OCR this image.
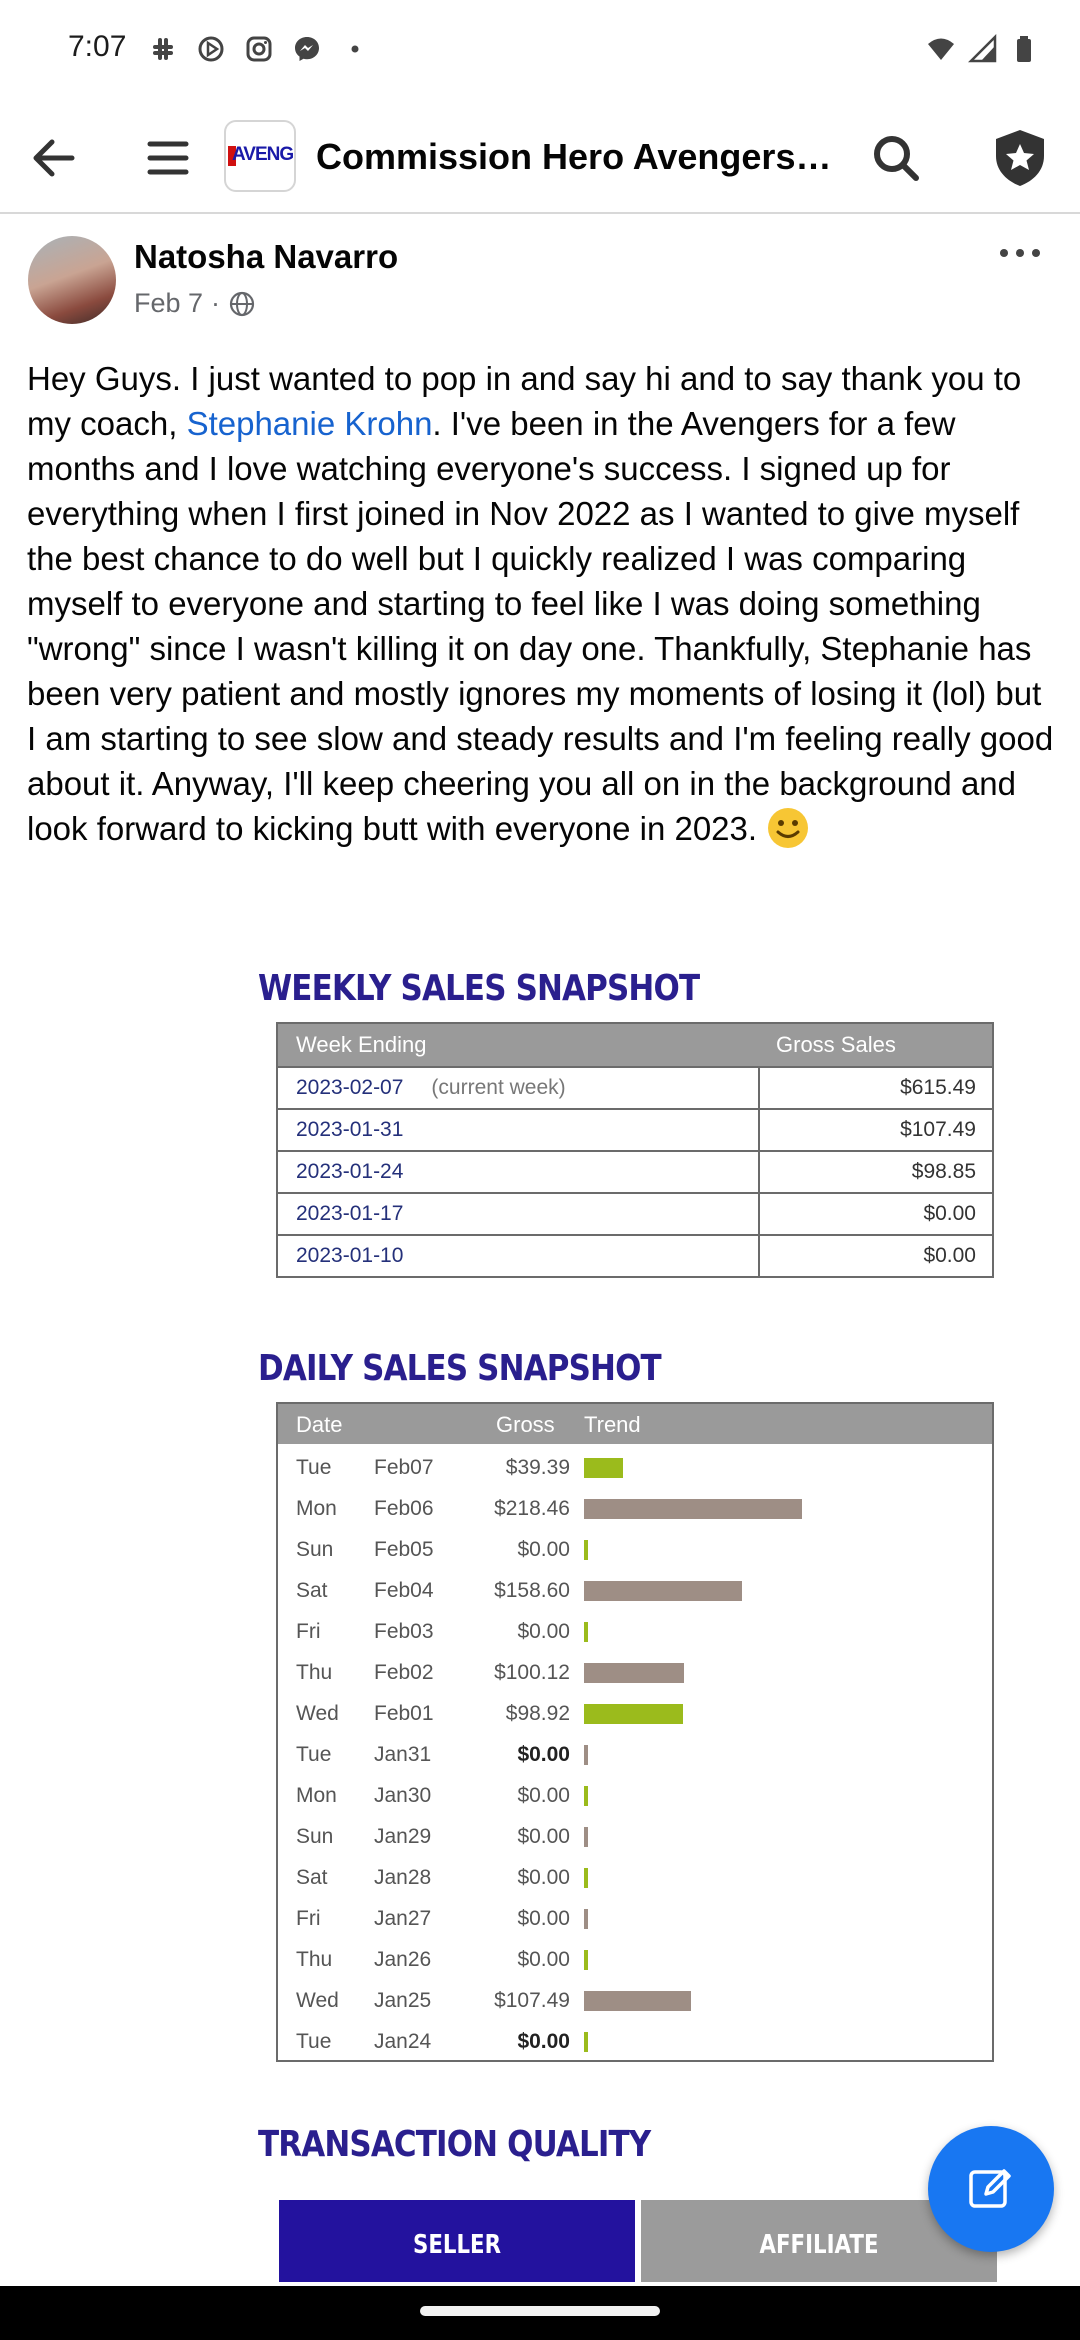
7:07
AVENG Commission Hero Avengers…
Natosha Navarro
Feb 7 ·
Hey Guys. I just wanted to pop in and say hi and to say thank you to my coach, Stephanie Krohn. I've been in the Avengers for a few months and I love watching everyone's success. I signed up for everything when I first joined in Nov 2022 as I wanted to give myself the best chance to do well but I quickly realized I was comparing myself to everyone and starting to feel like I was doing something "wrong" since I wasn't killing it on day one. Thankfully, Stephanie has been very patient and mostly ignores my moments of losing it (lol) but I am starting to see slow and steady results and I'm feeling really good about it. Anyway, I'll keep cheering you all on in the background and look forward to kicking butt with everyone in 2023.
WEEKLY SALES SNAPSHOT
Week Ending	Gross Sales
2023-02-07 (current week)	$615.49
2023-01-31	$107.49
2023-01-24	$98.85
2023-01-17	$0.00
2023-01-10	$0.00
DAILY SALES SNAPSHOT
Date	Gross Trend
Tue Feb07	$39.39
Mon Feb06	$218.46
Sun Feb05	$0.00
Sat Feb04	$158.60
Fri	Feb03	$0.00
Thu Feb02	$100.12
Wed Feb01	$98.92
Tue Jan31	$0.00
Mon Jan30	$0.00
Sun Jan29	$0.00
Sat Jan28	$0.00
Fri	Jan27	$0.00
Thu Jan26	$0.00
Wed Jan25	$107.49
Tue Jan24	$0.00
TRANSACTION QUALITY
SELLER	AFFILIATE
